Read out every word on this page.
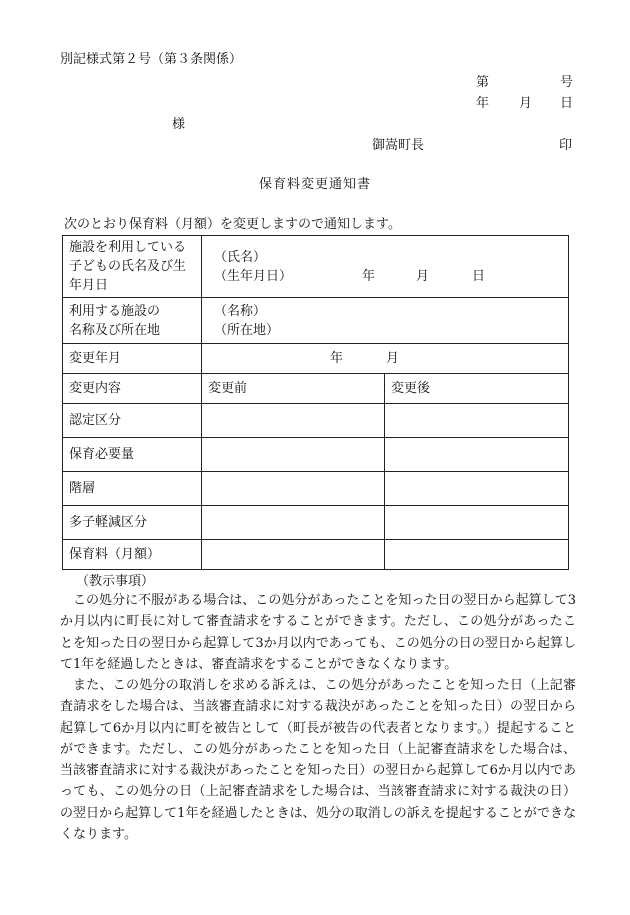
別記様式第２号（第３条関係）
第	号
年 月 日
様
御嵩町長	印
保育料変更通知書
次のとおり保育料（月額）を変更しますので通知します。
施設を利用している子どもの氏名及び生年月日	（氏名）
（生年月日） 年 月 日	

利用する施設の名称及び所在地	（名称）
（所在地）	

変更年月	年 月	
変更内容	変更前	変更後
認定区分		
保育必要量		
階層		
多子軽減区分		
保育料（月額）		
（教示事項）
この処分に不服がある場合は、この処分があったことを知った日の翌日から起算して3か月以内に町長に対して審査請求をすることができます。ただし、この処分があったことを知った日の翌日から起算して3か月以内であっても、この処分の日の翌日から起算して1年を経過したときは、審査請求をすることができなくなります。
また、この処分の取消しを求める訴えは、この処分があったことを知った日（上記審査請求をした場合は、当該審査請求に対する裁決があったことを知った日）の翌日から起算して6か月以内に町を被告として（町長が被告の代表者となります。）提起することができます。ただし、この処分があったことを知った日（上記審査請求をした場合は、当該審査請求に対する裁決があったことを知った日）の翌日から起算して6か月以内であっても、この処分の日（上記審査請求をした場合は、当該審査請求に対する裁決の日）の翌日から起算して1年を経過したときは、処分の取消しの訴えを提起することができなくなります。
